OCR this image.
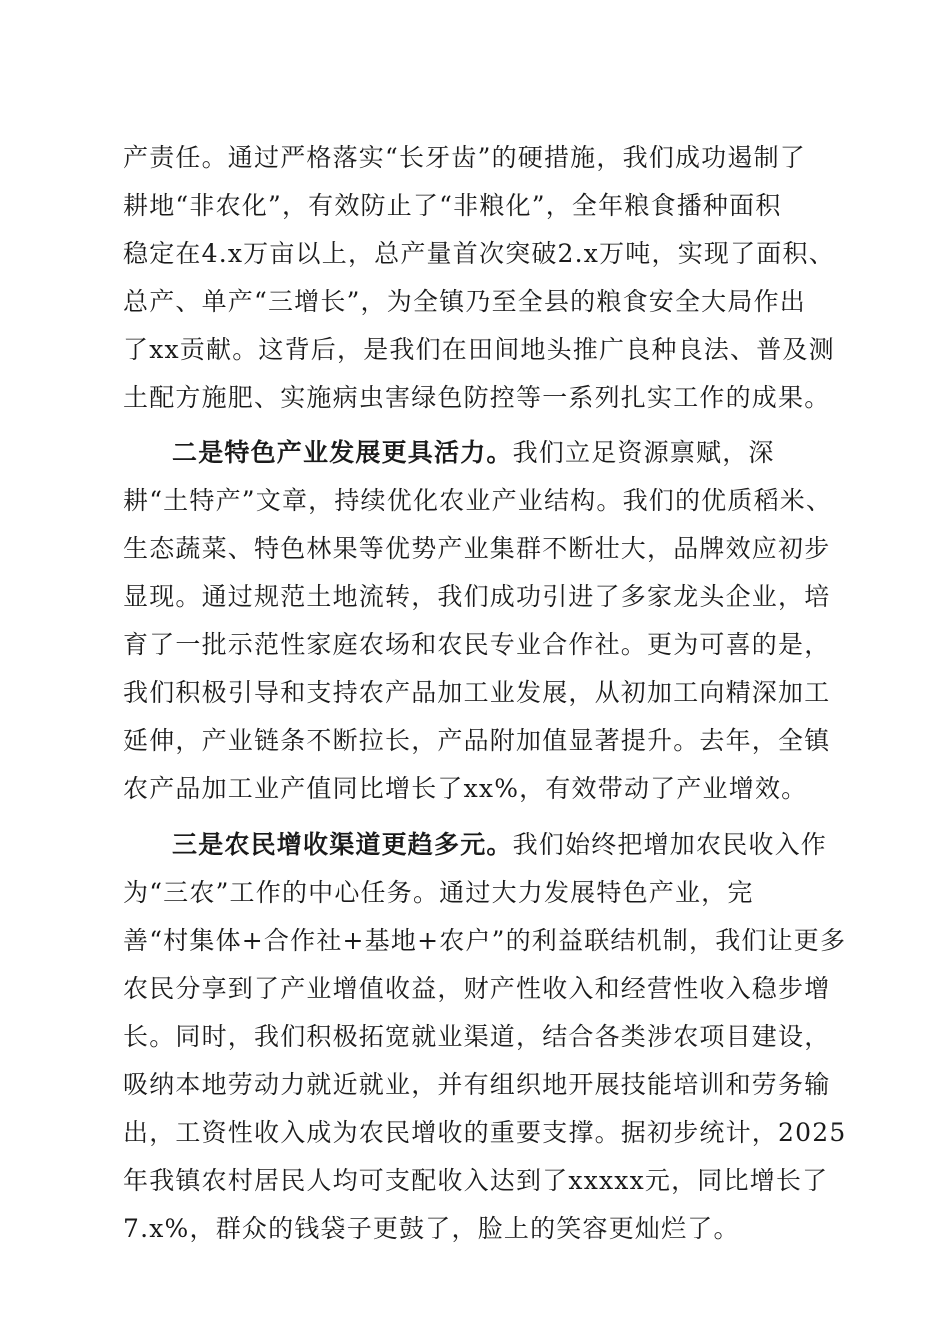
产责任。通过严格落实“长牙齿”的硬措施，我们成功遏制了

耕地“非农化”，有效防止了“非粮化”，全年粮食播种面积

稳定在4.x万亩以上，总产量首次突破2.x万吨，实现了面积、

总产、单产“三增长”，为全镇乃至全县的粮食安全大局作出

了xx贡献。这背后，是我们在田间地头推广良种良法、普及测

土配方施肥、实施病虫害绿色防控等一系列扎实工作的成果。

二是特色产业发展更具活力。我们立足资源禀赋，深

耕“土特产”文章，持续优化农业产业结构。我们的优质稻米、

生态蔬菜、特色林果等优势产业集群不断壮大，品牌效应初步

显现。通过规范土地流转，我们成功引进了多家龙头企业，培

育了一批示范性家庭农场和农民专业合作社。更为可喜的是，

我们积极引导和支持农产品加工业发展，从初加工向精深加工

延伸，产业链条不断拉长，产品附加值显著提升。去年，全镇

农产品加工业产值同比增长了xx%，有效带动了产业增效。

三是农民增收渠道更趋多元。我们始终把增加农民收入作

为“三农”工作的中心任务。通过大力发展特色产业，完

善“村集体+合作社+基地+农户”的利益联结机制，我们让更多

农民分享到了产业增值收益，财产性收入和经营性收入稳步增

长。同时，我们积极拓宽就业渠道，结合各类涉农项目建设，

吸纳本地劳动力就近就业，并有组织地开展技能培训和劳务输

出，工资性收入成为农民增收的重要支撑。据初步统计，2025

年我镇农村居民人均可支配收入达到了xxxxx元，同比增长了

7.x%，群众的钱袋子更鼓了，脸上的笑容更灿烂了。
